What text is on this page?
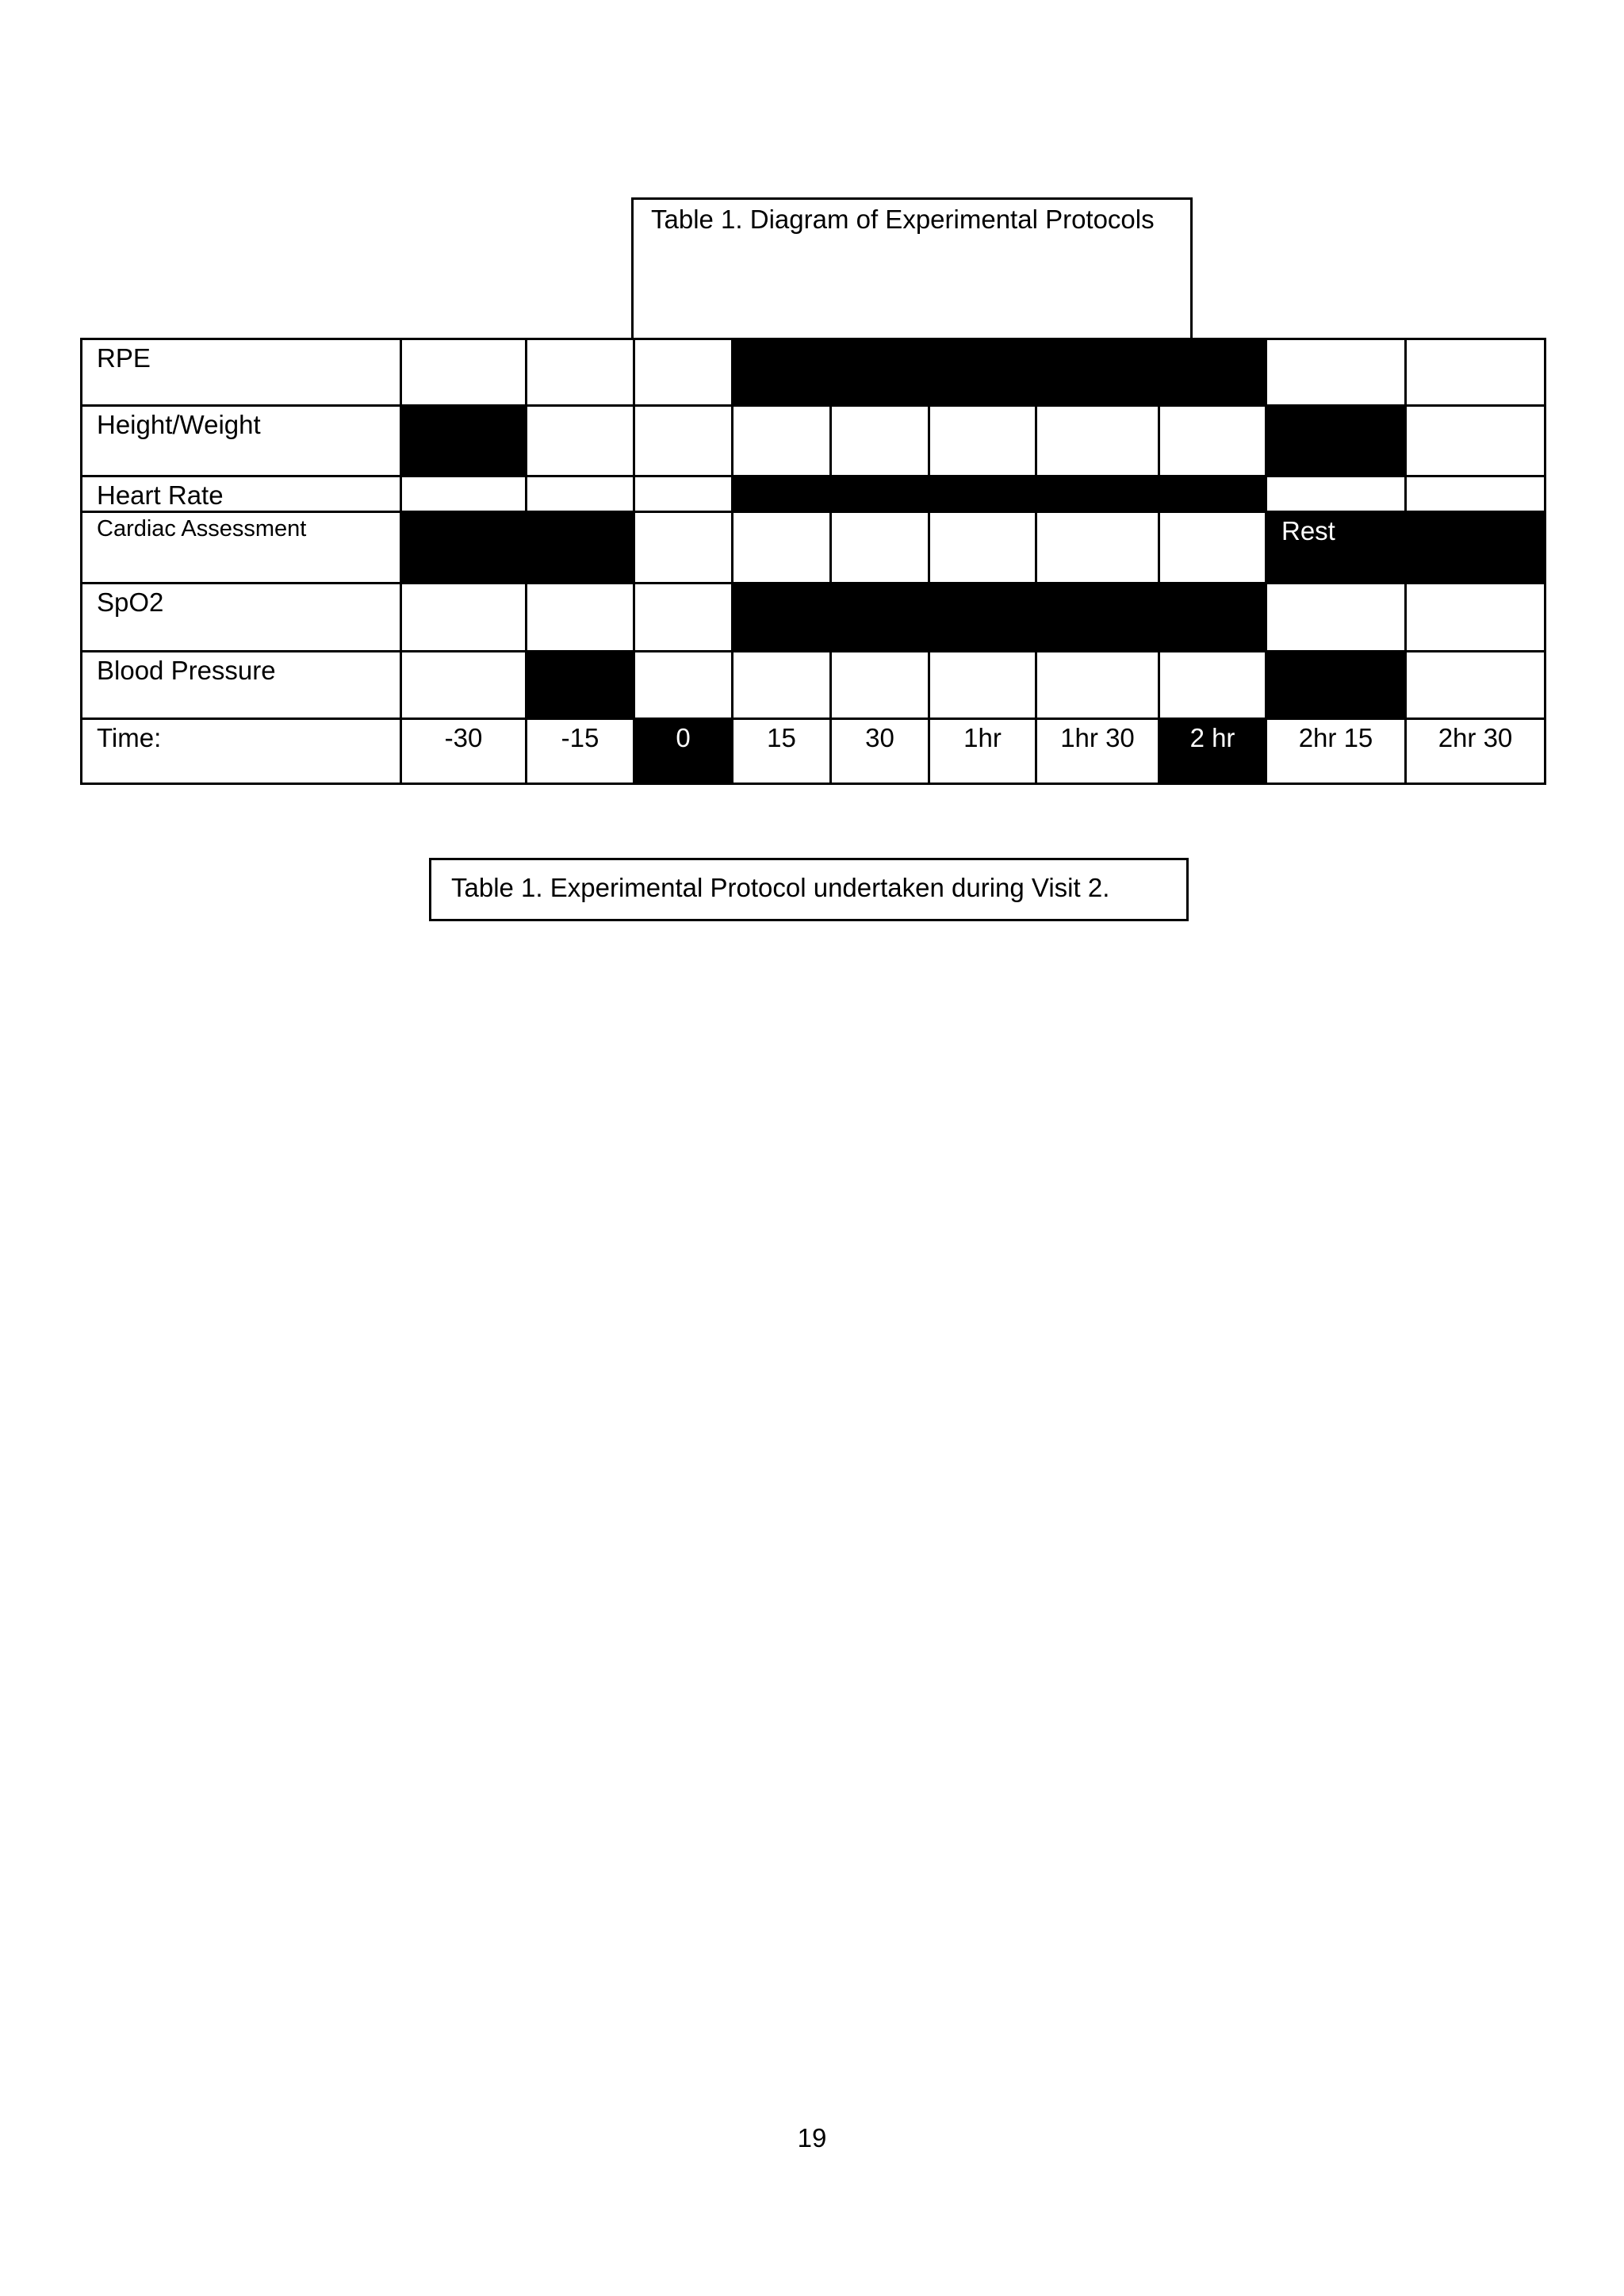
Table 1. Diagram of Experimental Protocols
RPE										
Height/Weight										
Heart Rate										
Cardiac Assessment									Rest	
SpO2										
Blood Pressure										
Time:	-30	-15	0	15	30	1hr	1hr 30	2 hr	2hr 15	2hr 30
Table 1. Experimental Protocol undertaken during Visit 2.
19
